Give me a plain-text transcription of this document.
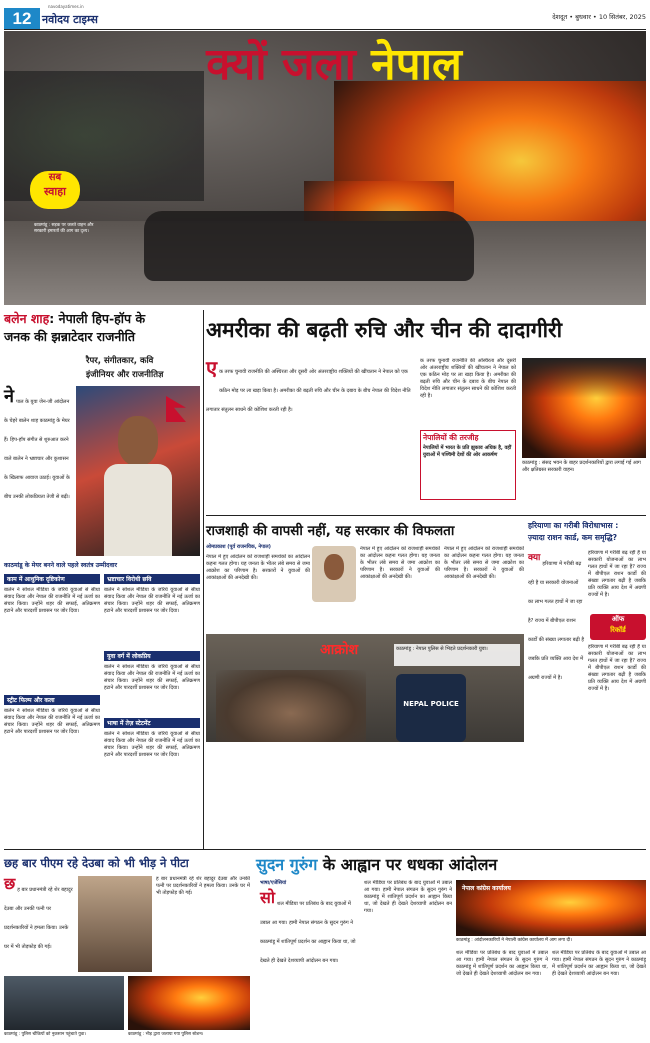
12 नवोदय टाइम्स
navodayatimes.in
देशदूत • बुधवार • 10 सितंबर, 2025
क्यों जला नेपाल
सब
स्वाहा
काठमांडू : सड़क पर जलते वाहन और सरकारी इमारतों की आग का दृश्य।
बलेन शाह: नेपाली हिप-हॉप के
जनक की झन्नाटेदार राजनीति
रैपर, संगीतकार, कवि
इंजीनियर और राजनीतिज्ञ
ने पाल के युवा जेन-जी आंदोलन के चेहरे बालेन शाह काठमांडू के मेयर हैं। हिप-हॉप संगीत से शुरुआत करने वाले बालेन ने भ्रष्टाचार और कुशासन के खिलाफ आवाज उठाई। युवाओं के बीच उनकी लोकप्रियता तेजी से बढ़ी।
काठमांडू के मेयर बनने वाले पहले स्वतंत्र उम्मीदवार
काम में आधुनिक दृष्टिकोण
बालेन ने सोशल मीडिया के जरिये युवाओं से सीधा संवाद किया और नेपाल की राजनीति में नई ऊर्जा का संचार किया। उन्होंने शहर की सफाई, अतिक्रमण हटाने और पारदर्शी प्रशासन पर जोर दिया।
स्ट्रीट फिल्म और कला
बालेन ने सोशल मीडिया के जरिये युवाओं से सीधा संवाद किया और नेपाल की राजनीति में नई ऊर्जा का संचार किया। उन्होंने शहर की सफाई, अतिक्रमण हटाने और पारदर्शी प्रशासन पर जोर दिया।
भ्रष्टाचार विरोधी छवि
बालेन ने सोशल मीडिया के जरिये युवाओं से सीधा संवाद किया और नेपाल की राजनीति में नई ऊर्जा का संचार किया। उन्होंने शहर की सफाई, अतिक्रमण हटाने और पारदर्शी प्रशासन पर जोर दिया।
युवा वर्ग में लोकप्रिय
बालेन ने सोशल मीडिया के जरिये युवाओं से सीधा संवाद किया और नेपाल की राजनीति में नई ऊर्जा का संचार किया। उन्होंने शहर की सफाई, अतिक्रमण हटाने और पारदर्शी प्रशासन पर जोर दिया।
भाषा में तेज़ स्टेटमेंट
बालेन ने सोशल मीडिया के जरिये युवाओं से सीधा संवाद किया और नेपाल की राजनीति में नई ऊर्जा का संचार किया। उन्होंने शहर की सफाई, अतिक्रमण हटाने और पारदर्शी प्रशासन पर जोर दिया।
अमरीका की बढ़ती रुचि और चीन की दादागीरी
ए क तरफ चुनावी राजनीति की अस्थिरता और दूसरी ओर अंतरराष्ट्रीय शक्तियों की खींचतान ने नेपाल को एक कठिन मोड़ पर ला खड़ा किया है। अमरीका की बढ़ती रुचि और चीन के दबाव के बीच नेपाल की विदेश नीति लगातार संतुलन साधने की कोशिश करती रही है।
नेपालियों की तरजीह
नेपालियों में भारत के प्रति झुकाव अधिक है, वहीं युवाओं में पश्चिमी देशों की ओर आकर्षण
क तरफ चुनावी राजनीति की अस्थिरता और दूसरी ओर अंतरराष्ट्रीय शक्तियों की खींचतान ने नेपाल को एक कठिन मोड़ पर ला खड़ा किया है। अमरीका की बढ़ती रुचि और चीन के दबाव के बीच नेपाल की विदेश नीति लगातार संतुलन साधने की कोशिश करती रही है।
काठमांडू : संसद भवन के बाहर प्रदर्शनकारियों द्वारा लगाई गई आग और क्षतिग्रस्त सरकारी वाहन।
राजशाही की वापसी नहीं, यह सरकार की विफलता
ओमप्रकाश (पूर्व राजनयिक, नेपाल)
नेपाल में हुए आंदोलन को राजशाही समर्थकों का आंदोलन कहना गलत होगा। यह जनता के भीतर लंबे समय से जमा आक्रोश का परिणाम है। सरकारों ने युवाओं की आकांक्षाओं की अनदेखी की।
नेपाल में हुए आंदोलन को राजशाही समर्थकों का आंदोलन कहना गलत होगा। यह जनता के भीतर लंबे समय से जमा आक्रोश का परिणाम है। सरकारों ने युवाओं की आकांक्षाओं की अनदेखी की।
नेपाल में हुए आंदोलन को राजशाही समर्थकों का आंदोलन कहना गलत होगा। यह जनता के भीतर लंबे समय से जमा आक्रोश का परिणाम है। सरकारों ने युवाओं की आकांक्षाओं की अनदेखी की।
आक्रोश
NEPAL POLICE
काठमांडू : नेपाल पुलिस से भिड़ते प्रदर्शनकारी युवा।
हरियाणा का गरीबी विरोधाभास :
ज़्यादा राशन कार्ड, कम समृद्धि?
क्या
हरियाणा में गरीबी बढ़ रही है या सरकारी योजनाओं का लाभ गलत हाथों में जा रहा है? राज्य में बीपीएल राशन कार्डों की संख्या लगातार बढ़ी है जबकि प्रति व्यक्ति आय देश में अग्रणी राज्यों में है।
हरियाणा में गरीबी बढ़ रही है या सरकारी योजनाओं का लाभ गलत हाथों में जा रहा है? राज्य में बीपीएल राशन कार्डों की संख्या लगातार बढ़ी है जबकि प्रति व्यक्ति आय देश में अग्रणी राज्यों में है।
ऑफ
रिकॉर्ड
हरियाणा में गरीबी बढ़ रही है या सरकारी योजनाओं का लाभ गलत हाथों में जा रहा है? राज्य में बीपीएल राशन कार्डों की संख्या लगातार बढ़ी है जबकि प्रति व्यक्ति आय देश में अग्रणी राज्यों में है।
छह बार पीएम रहे देउबा को भी भीड़ ने पीटा
छ ह बार प्रधानमंत्री रहे शेर बहादुर देउबा और उनकी पत्नी पर प्रदर्शनकारियों ने हमला किया। उनके घर में भी तोड़फोड़ की गई।
ह बार प्रधानमंत्री रहे शेर बहादुर देउबा और उनकी पत्नी पर प्रदर्शनकारियों ने हमला किया। उनके घर में भी तोड़फोड़ की गई।
काठमांडू : पुलिस चौकियों को नुकसान पहुंचाते युवा।	काठमांडू : भीड़ द्वारा जलाया गया पुलिस स्टेशन।
सुदन गुरुंग के आह्वान पर धधका आंदोलन
भाषा/एजेंसियां
सो शल मीडिया पर प्रतिबंध के बाद युवाओं में उबाल आ गया। हामी नेपाल संगठन के सुदन गुरुंग ने काठमांडू में शांतिपूर्ण प्रदर्शन का आह्वान किया था, जो देखते ही देखते देशव्यापी आंदोलन बन गया।
शल मीडिया पर प्रतिबंध के बाद युवाओं में उबाल आ गया। हामी नेपाल संगठन के सुदन गुरुंग ने काठमांडू में शांतिपूर्ण प्रदर्शन का आह्वान किया था, जो देखते ही देखते देशव्यापी आंदोलन बन गया।
नेपाल कांग्रेस कार्यालय
काठमांडू : आंदोलनकारियों ने नेपाली कांग्रेस कार्यालय में आग लगा दी।
शल मीडिया पर प्रतिबंध के बाद युवाओं में उबाल आ गया। हामी नेपाल संगठन के सुदन गुरुंग ने काठमांडू में शांतिपूर्ण प्रदर्शन का आह्वान किया था, जो देखते ही देखते देशव्यापी आंदोलन बन गया।
शल मीडिया पर प्रतिबंध के बाद युवाओं में उबाल आ गया। हामी नेपाल संगठन के सुदन गुरुंग ने काठमांडू में शांतिपूर्ण प्रदर्शन का आह्वान किया था, जो देखते ही देखते देशव्यापी आंदोलन बन गया।
